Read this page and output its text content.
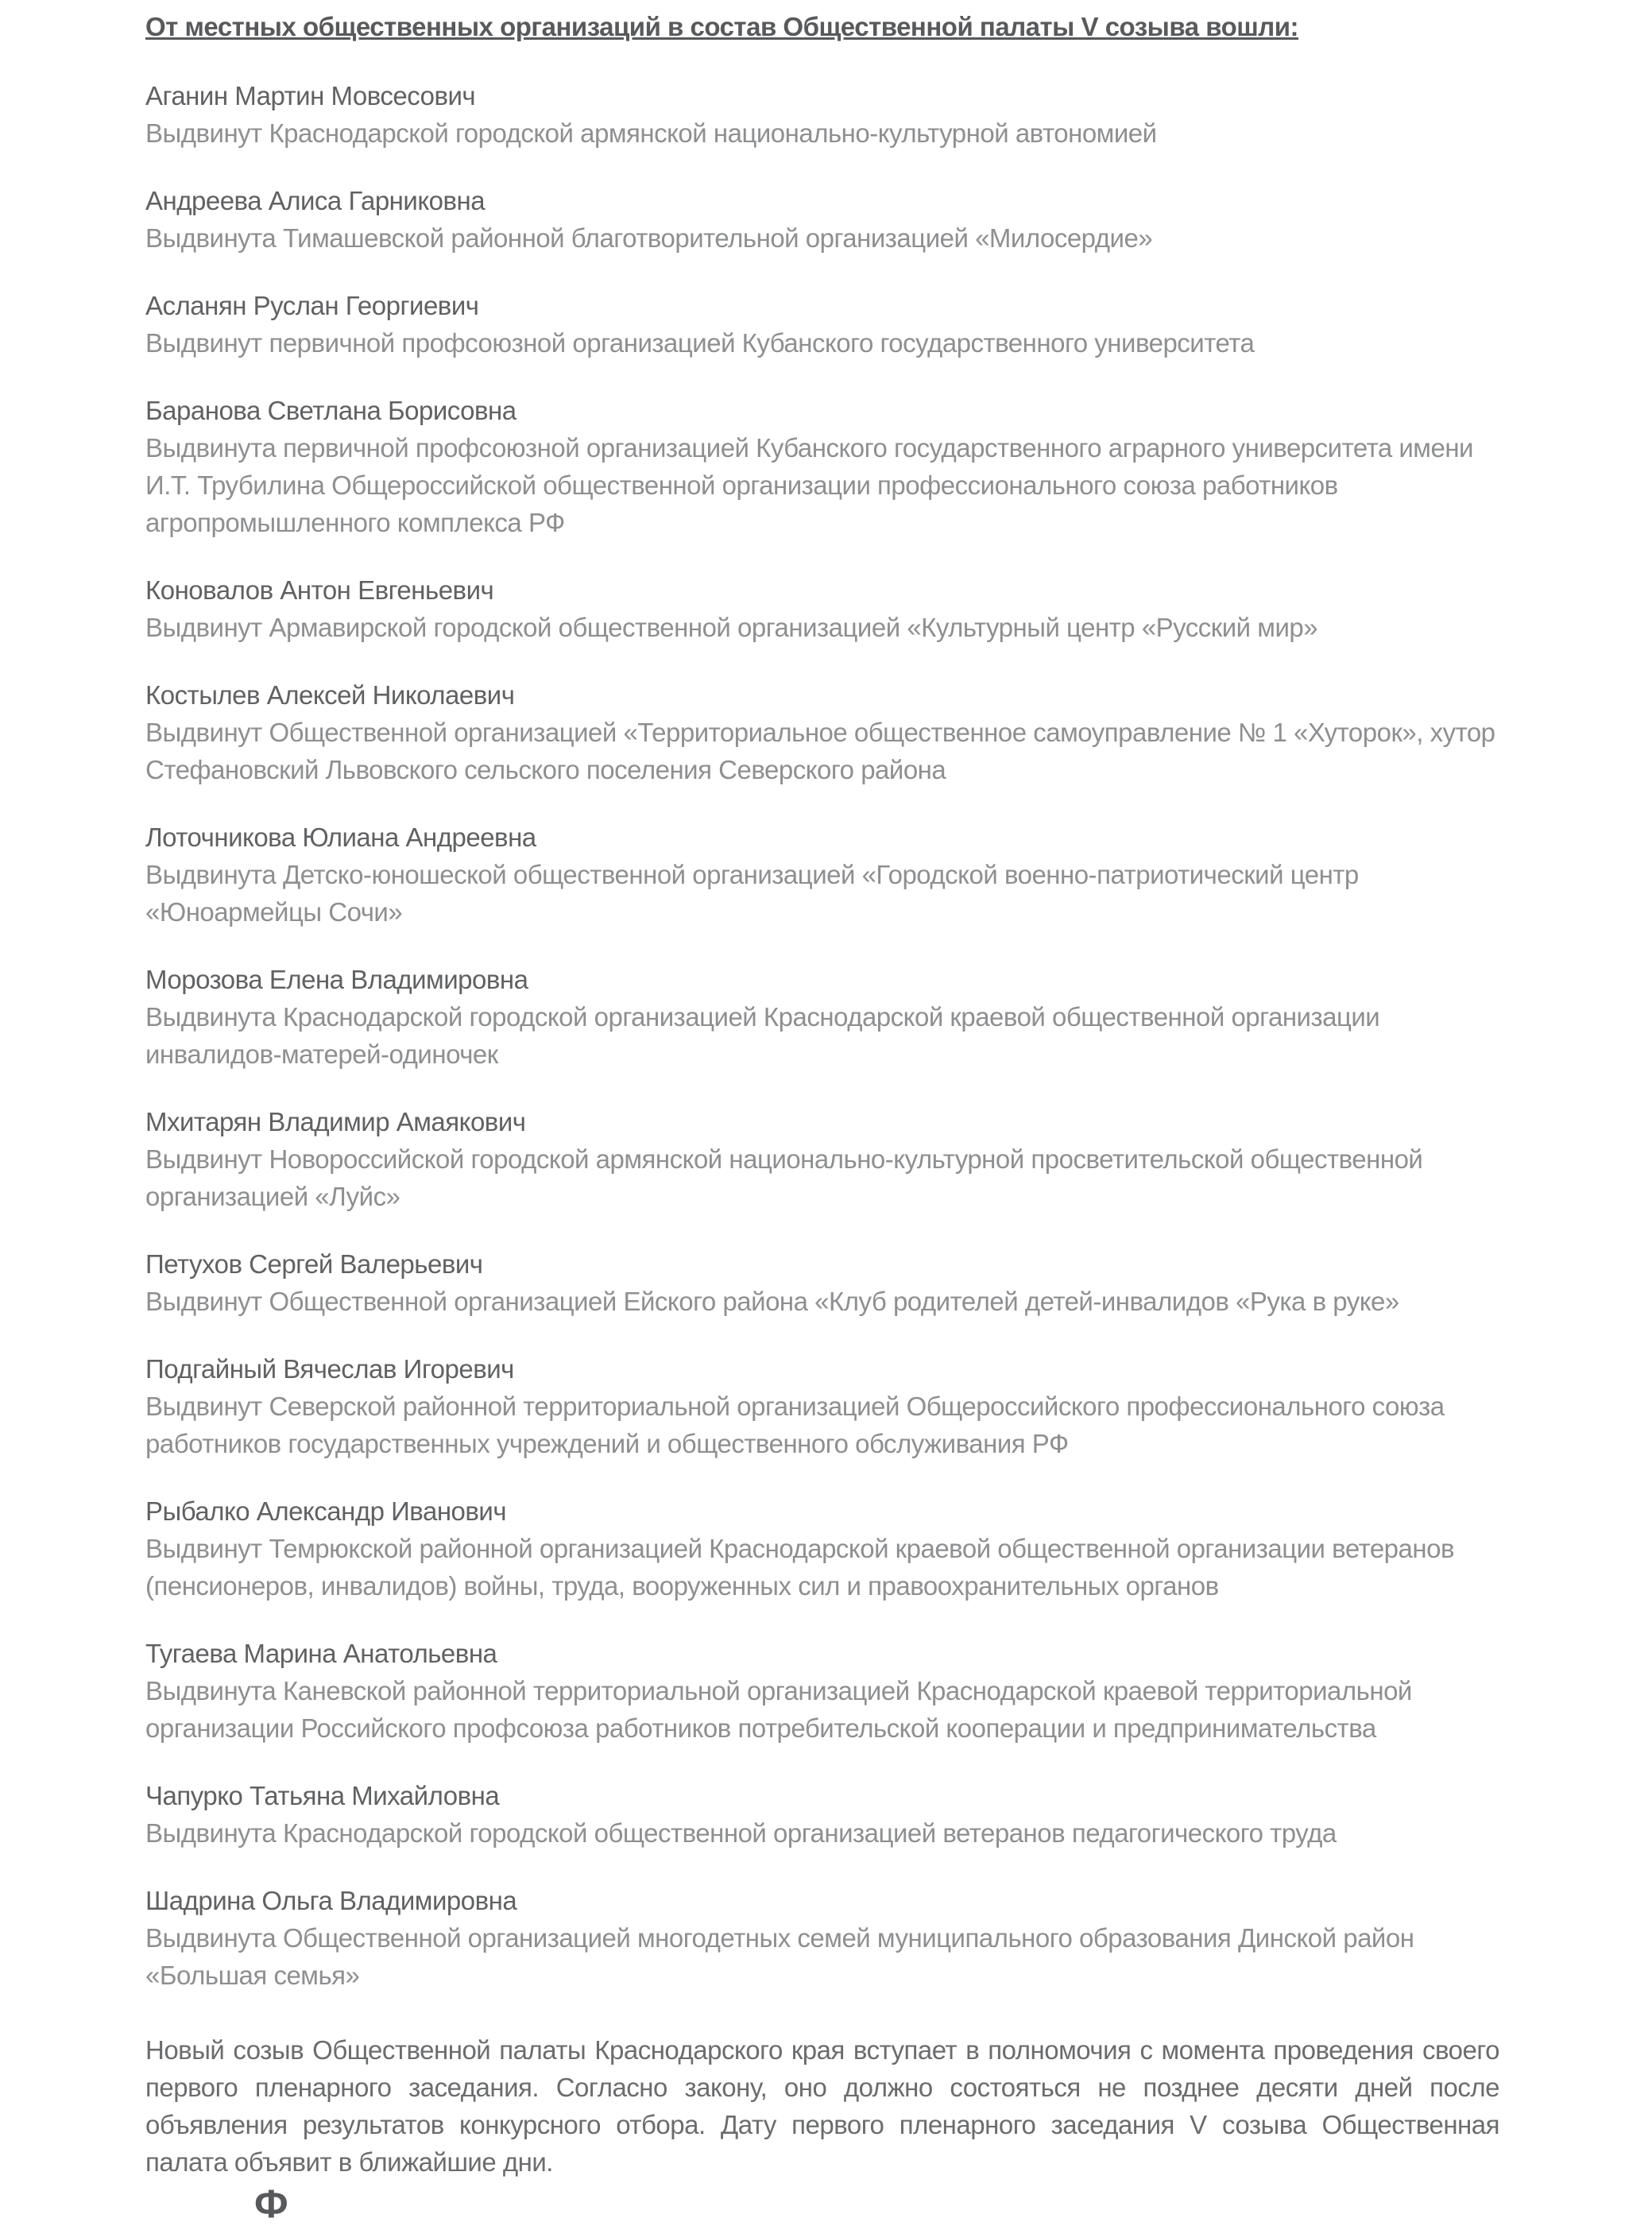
От местных общественных организаций в состав Общественной палаты V созыва вошли:

Аганин Мартин Мовсесович

Выдвинут Краснодарской городской армянской национально-культурной автономией

Андреева Алиса Гарниковна

Выдвинута Тимашевской районной благотворительной организацией «Милосердие»

Асланян Руслан Георгиевич

Выдвинут первичной профсоюзной организацией Кубанского государственного университета

Баранова Светлана Борисовна

Выдвинута первичной профсоюзной организацией Кубанского государственного аграрного университета имени И.Т. Трубилина Общероссийской общественной организации профессионального союза работников агропромышленного комплекса РФ

Коновалов Антон Евгеньевич

Выдвинут Армавирской городской общественной организацией «Культурный центр «Русский мир»

Костылев Алексей Николаевич

Выдвинут Общественной организацией «Территориальное общественное самоуправление № 1 «Хуторок», хутор Стефановский Львовского сельского поселения Северского района

Лоточникова Юлиана Андреевна

Выдвинута Детско-юношеской общественной организацией «Городской военно-патриотический центр «Юноармейцы Сочи»

Морозова Елена Владимировна

Выдвинута Краснодарской городской организацией Краснодарской краевой общественной организации инвалидов-матерей-одиночек

Мхитарян Владимир Амаякович

Выдвинут Новороссийской городской армянской национально-культурной просветительской общественной организацией «Луйс»

Петухов Сергей Валерьевич

Выдвинут Общественной организацией Ейского района «Клуб родителей детей-инвалидов «Рука в руке»

Подгайный Вячеслав Игоревич

Выдвинут Северской районной территориальной организацией Общероссийского профессионального союза работников государственных учреждений и общественного обслуживания РФ

Рыбалко Александр Иванович

Выдвинут Темрюкской районной организацией Краснодарской краевой общественной организации ветеранов (пенсионеров, инвалидов) войны, труда, вооруженных сил и правоохранительных органов

Тугаева Марина Анатольевна

Выдвинута Каневской районной территориальной организацией Краснодарской краевой территориальной организации Российского профсоюза работников потребительской кооперации и предпринимательства

Чапурко Татьяна Михайловна

Выдвинута Краснодарской городской общественной организацией ветеранов педагогического труда

Шадрина Ольга Владимировна

Выдвинута Общественной организацией многодетных семей муниципального образования Динской район «Большая семья»

Новый созыв Общественной палаты Краснодарского края вступает в полномочия с момента проведения своего первого пленарного заседания. Согласно закону, оно должно состояться не позднее десяти дней после объявления результатов конкурсного отбора. Дату первого пленарного заседания V созыва Общественная палата объявит в ближайшие дни.

Ф
